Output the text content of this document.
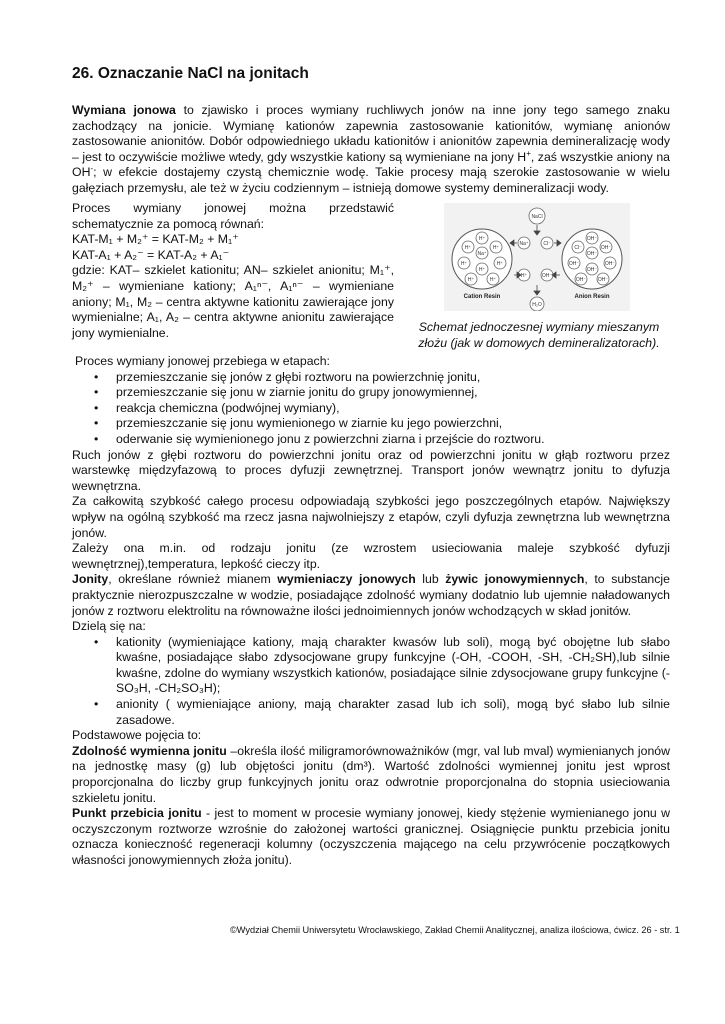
26. Oznaczanie NaCl na jonitach

Wymiana jonowa to zjawisko i proces wymiany ruchliwych jonów na inne jony tego samego znaku zachodzący na jonicie. Wymianę kationów zapewnia zastosowanie kationitów, wymianę anionów zastosowanie anionitów. Dobór odpowiedniego układu kationitów i anionitów zapewnia demineralizację wody – jest to oczywiście możliwe wtedy, gdy wszystkie kationy są wymieniane na jony H+, zaś wszystkie aniony na OH-; w efekcie dostajemy czystą chemicznie wodę. Takie procesy mają szerokie zastosowanie w wielu gałęziach przemysłu, ale też w życiu codziennym – istnieją domowe systemy demineralizacji wody.

Proces wymiany jonowej można przedstawić schematycznie za pomocą równań:

KAT-M₁ + M₂⁺ = KAT-M₂ + M₁⁺

KAT-A₁ + A₂⁻ = KAT-A₂ + A₁⁻

gdzie: KAT– szkielet kationitu; AN– szkielet anionitu; M₁⁺, M₂⁺ – wymieniane kationy; A₁ⁿ⁻, A₁ⁿ⁻ – wymieniane aniony; M₁, M₂ – centra aktywne kationitu zawierające jony wymienialne; A₁, A₂ – centra aktywne anionitu zawierające jony wymienialne.

H⁺
H⁺	H⁺
Na⁺
H⁺	H⁺
H⁺
H⁺	H⁺
OH⁻
Cl⁻	OH⁻
OH⁻
OH⁻	OH⁻
OH⁻
OH⁻ OH⁻
NaCl
Na⁺	Cl⁻
H⁺	OH⁻
H₂O
Cation Resin	Anion Resin

Schemat jednoczesnej wymiany mieszanym złożu (jak w domowych demineralizatorach).

Proces wymiany jonowej przebiega w etapach:

• przemieszczanie się jonów z głębi roztworu na powierzchnię jonitu,
• przemieszczanie się jonu w ziarnie jonitu do grupy jonowymiennej,
• reakcja chemiczna (podwójnej wymiany),
• przemieszczanie się jonu wymienionego w ziarnie ku jego powierzchni,
• oderwanie się wymienionego jonu z powierzchni ziarna i przejście do roztworu.

Ruch jonów z głębi roztworu do powierzchni jonitu oraz od powierzchni jonitu w głąb roztworu przez warstewkę międzyfazową to proces dyfuzji zewnętrznej. Transport jonów wewnątrz jonitu to dyfuzja wewnętrzna.

Za całkowitą szybkość całego procesu odpowiadają szybkości jego poszczególnych etapów. Największy wpływ na ogólną szybkość ma rzecz jasna najwolniejszy z etapów, czyli dyfuzja zewnętrzna lub wewnętrzna jonów.

Zależy ona m.in. od rodzaju jonitu (ze wzrostem usieciowania maleje szybkość dyfuzji wewnętrznej),temperatura, lepkość cieczy itp.

Jonity, określane również mianem wymieniaczy jonowych lub żywic jonowymiennych, to substancje praktycznie nierozpuszczalne w wodzie, posiadające zdolność wymiany dodatnio lub ujemnie naładowanych jonów z roztworu elektrolitu na równoważne ilości jednoimiennych jonów wchodzących w skład jonitów.

Dzielą się na:

• kationity (wymieniające kationy, mają charakter kwasów lub soli), mogą być obojętne lub słabo kwaśne, posiadające słabo zdysocjowane grupy funkcyjne (-OH, -COOH, -SH, -CH₂SH),lub silnie kwaśne, zdolne do wymiany wszystkich kationów, posiadające silnie zdysocjowane grupy funkcyjne (-SO₃H, -CH₂SO₃H);
• anionity ( wymieniające aniony, mają charakter zasad lub ich soli), mogą być słabo lub silnie zasadowe.

Podstawowe pojęcia to:

Zdolność wymienna jonitu –określa ilość miligramorównoważników (mgr, val lub mval) wymienianych jonów na jednostkę masy (g) lub objętości jonitu (dm³). Wartość zdolności wymiennej jonitu jest wprost proporcjonalna do liczby grup funkcyjnych jonitu oraz odwrotnie proporcjonalna do stopnia usieciowania szkieletu jonitu.

Punkt przebicia jonitu - jest to moment w procesie wymiany jonowej, kiedy stężenie wymienianego jonu w oczyszczonym roztworze wzrośnie do założonej wartości granicznej. Osiągnięcie punktu przebicia jonitu oznacza konieczność regeneracji kolumny (oczyszczenia mającego na celu przywrócenie początkowych własności jonowymiennych złoża jonitu).

©Wydział Chemii Uniwersytetu Wrocławskiego, Zakład Chemii Analitycznej, analiza ilościowa, ćwicz. 26 - str. 1
